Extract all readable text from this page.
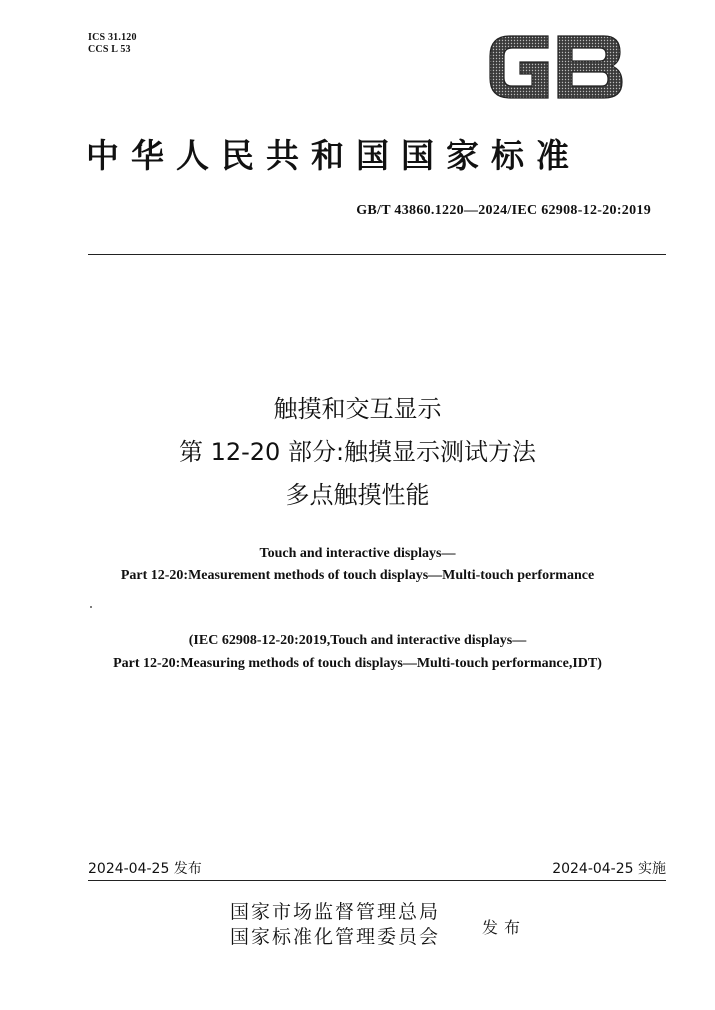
ICS 31.120
CCS L 53
中华人民共和国国家标准
GB/T 43860.1220—2024/IEC 62908-12-20:2019
触摸和交互显示
第 12-20 部分:触摸显示测试方法
多点触摸性能
Touch and interactive displays—
Part 12-20:Measurement methods of touch displays—Multi-touch performance
(IEC 62908-12-20:2019,Touch and interactive displays—
Part 12-20:Measuring methods of touch displays—Multi-touch performance,IDT)
2024-04-25 发布	2024-04-25 实施
国家市场监督管理总局
国家标准化管理委员会	发布
